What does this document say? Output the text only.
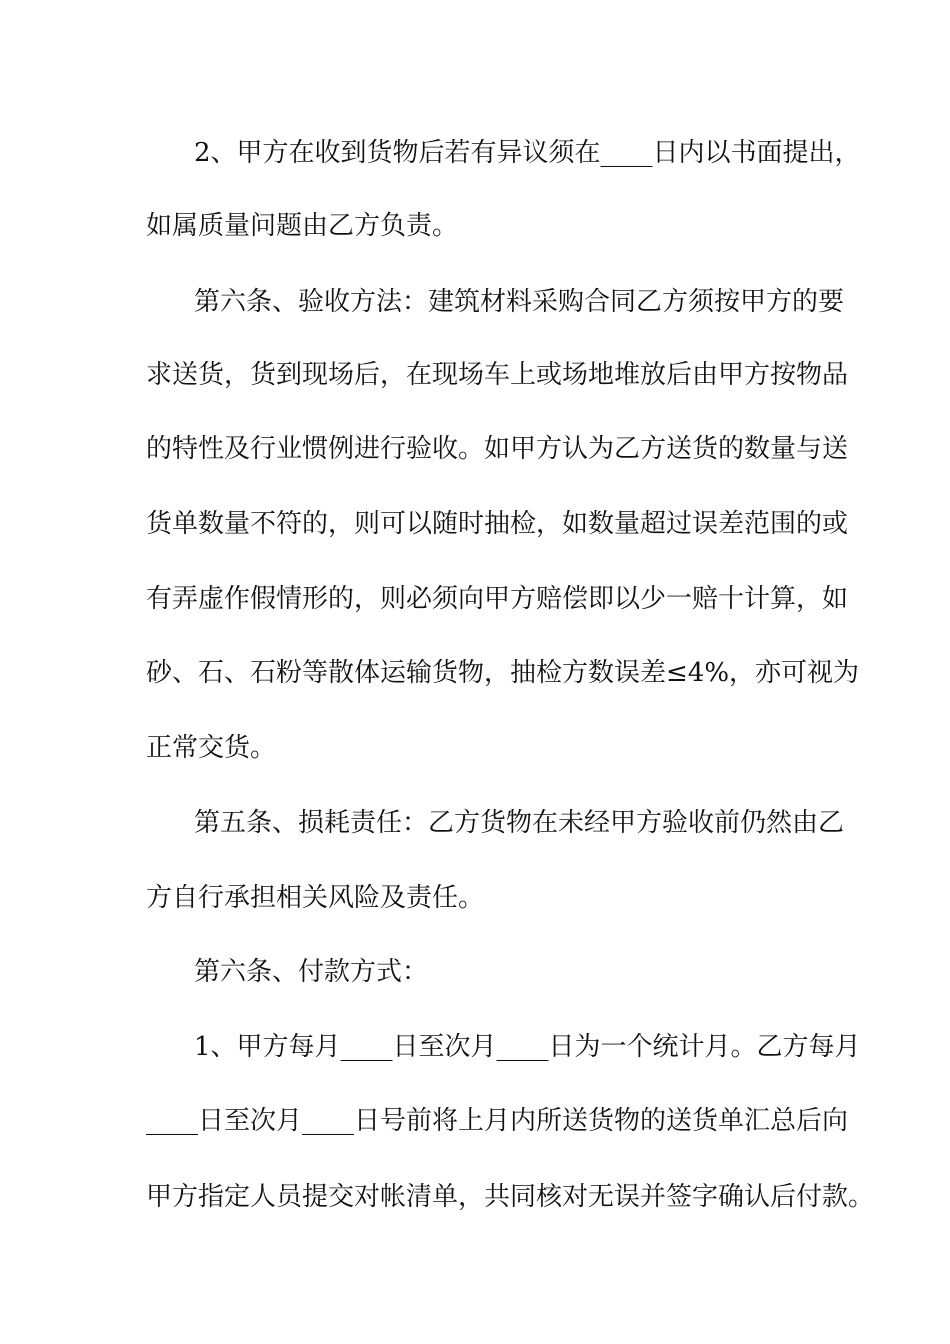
2、甲方在收到货物后若有异议须在____日内以书面提出，

如属质量问题由乙方负责。

第六条、验收方法：建筑材料采购合同乙方须按甲方的要

求送货，货到现场后，在现场车上或场地堆放后由甲方按物品

的特性及行业惯例进行验收。如甲方认为乙方送货的数量与送

货单数量不符的，则可以随时抽检，如数量超过误差范围的或

有弄虚作假情形的，则必须向甲方赔偿即以少一赔十计算，如

砂、石、石粉等散体运输货物，抽检方数误差≤4%，亦可视为

正常交货。

第五条、损耗责任：乙方货物在未经甲方验收前仍然由乙

方自行承担相关风险及责任。

第六条、付款方式：

1、甲方每月____日至次月____日为一个统计月。乙方每月

____日至次月____日号前将上月内所送货物的送货单汇总后向

甲方指定人员提交对帐清单，共同核对无误并签字确认后付款。
